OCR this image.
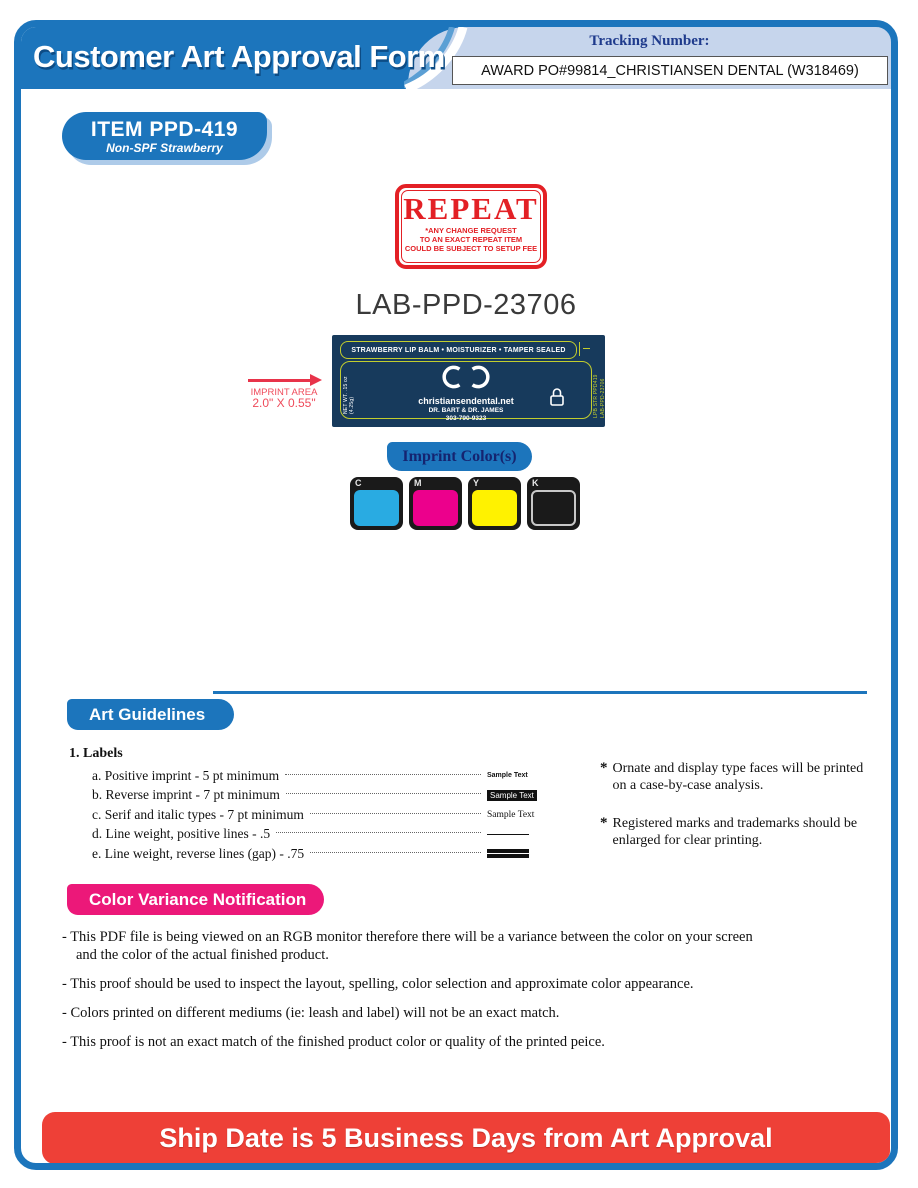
Customer Art Approval Form	Tracking Number:
AWARD PO#99814_CHRISTIANSEN DENTAL (W318469)
ITEM PPD-419
Non-SPF Strawberry
REPEAT
*ANY CHANGE REQUEST
TO AN EXACT REPEAT ITEM
COULD BE SUBJECT TO SETUP FEE
LAB-PPD-23706
STRAWBERRY LIP BALM • MOISTURIZER • TAMPER SEALED
NET WT. .15 oz (4.25g)	christiansendental.net
DR. BART & DR. JAMES
303-790-9323
LPB STR PPD419 LAB-PPD-23706
IMPRINT AREA
2.0" X 0.55"
Imprint Color(s)
C	M	Y	K
Art Guidelines
1. Labels
a. Positive imprint - 5 pt minimum	Sample Text
b. Reverse imprint - 7 pt minimum	Sample Text
c. Serif and italic types - 7 pt minimum	Sample Text
d. Line weight, positive lines - .5
e. Line weight, reverse lines (gap) - .75
* Ornate and display type faces will be printed on a case-by-case analysis.
* Registered marks and trademarks should be enlarged for clear printing.
Color Variance Notification

- This PDF file is being viewed on an RGB monitor therefore there will be a variance between the color on your screen and the color of the actual finished product.

- This proof should be used to inspect the layout, spelling, color selection and approximate color appearance.

- Colors printed on different mediums (ie: leash and label) will not be an exact match.

- This proof is not an exact match of the finished product color or quality of the printed peice.

Ship Date is 5 Business Days from Art Approval
